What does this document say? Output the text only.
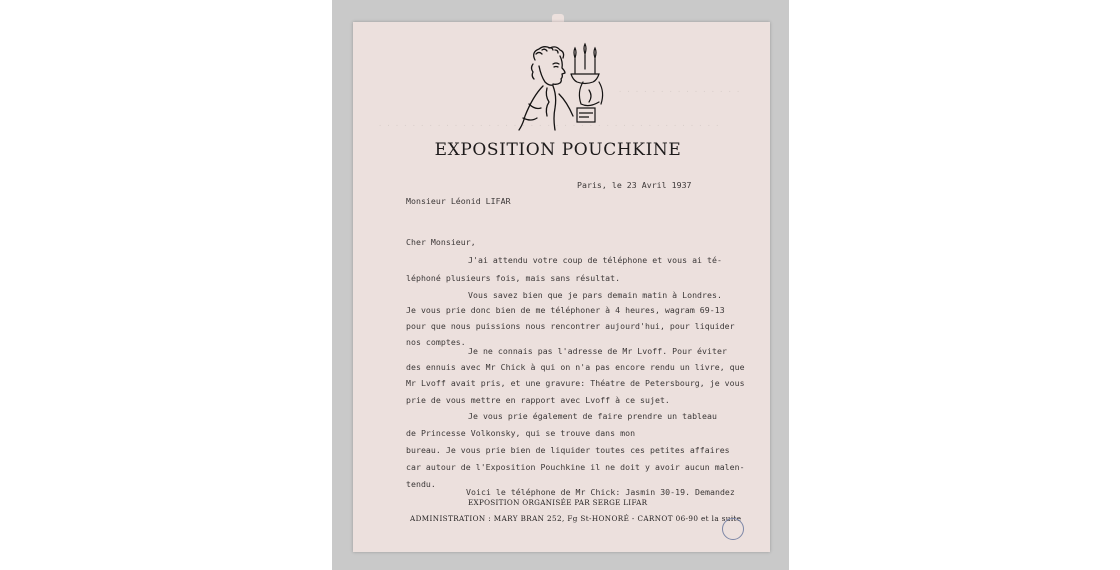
· · · · · · · · · · · · · · ·
· · · · · · · · · · · · · · · · · · · · · · · · · · · · · · · · · · · · · · · · ·
EXPOSITION POUCHKINE
Paris, le 23 Avril 1937
Monsieur Léonid LIFAR
Cher Monsieur,
J'ai attendu votre coup de téléphone et vous ai té-
léphoné plusieurs fois, mais sans résultat.
Vous savez bien que je pars demain matin à Londres.
Je vous prie donc bien de me téléphoner à 4 heures, wagram 69-13
pour que nous puissions nous rencontrer aujourd'hui, pour liquider
nos comptes.
Je ne connais pas l'adresse de Mr Lvoff. Pour éviter
des ennuis avec Mr Chick à qui on n'a pas encore rendu un livre, que
Mr Lvoff avait pris, et une gravure: Théatre de Petersbourg, je vous
prie de vous mettre en rapport avec Lvoff à ce sujet.
Je vous prie également de faire prendre un tableau
de Princesse Volkonsky, qui se trouve dans mon
bureau. Je vous prie bien de liquider toutes ces petites affaires
car autour de l'Exposition Pouchkine il ne doit y avoir aucun malen-
tendu.
Voici le téléphone de Mr Chick: Jasmin 30-19. Demandez
EXPOSITION ORGANISÉE PAR SERGE LIFAR
ADMINISTRATION : MARY BRAN 252, Fg St-HONORÉ - CARNOT 06-90 et la suite
